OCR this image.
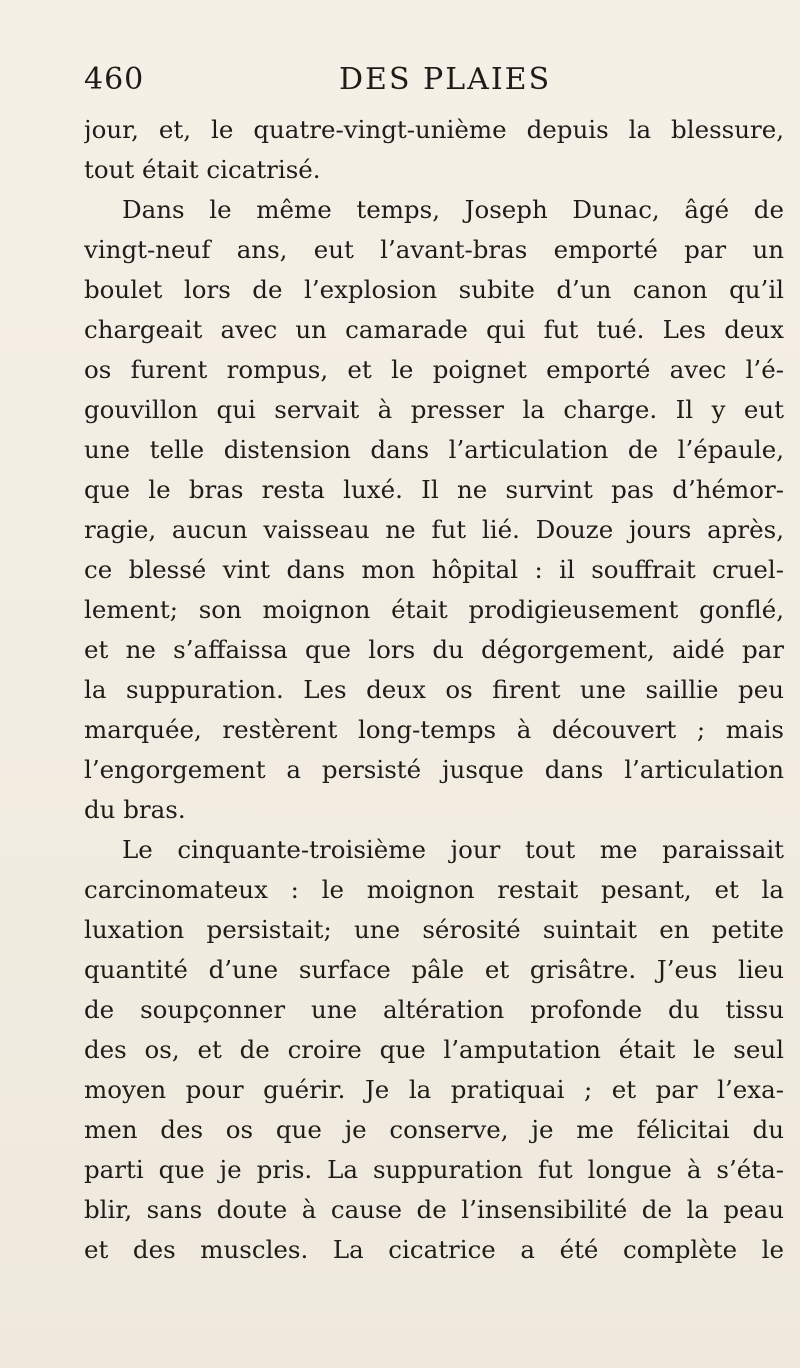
460	DES PLAIES
jour, et, le quatre-vingt-unième depuis la blessure,
tout était cicatrisé.
Dans le même temps, Joseph Dunac, âgé de
vingt-neuf ans, eut l’avant-bras emporté par un
boulet lors de l’explosion subite d’un canon qu’il
chargeait avec un camarade qui fut tué. Les deux
os furent rompus, et le poignet emporté avec l’é-
gouvillon qui servait à presser la charge. Il y eut
une telle distension dans l’articulation de l’épaule,
que le bras resta luxé. Il ne survint pas d’hémor-
ragie, aucun vaisseau ne fut lié. Douze jours après,
ce blessé vint dans mon hôpital : il souffrait cruel-
lement; son moignon était prodigieusement gonflé,
et ne s’affaissa que lors du dégorgement, aidé par
la suppuration. Les deux os firent une saillie peu
marquée, restèrent long-temps à découvert ; mais
l’engorgement a persisté jusque dans l’articulation
du bras.
Le cinquante-troisième jour tout me paraissait
carcinomateux : le moignon restait pesant, et la
luxation persistait; une sérosité suintait en petite
quantité d’une surface pâle et grisâtre. J’eus lieu
de soupçonner une altération profonde du tissu
des os, et de croire que l’amputation était le seul
moyen pour guérir. Je la pratiquai ; et par l’exa-
men des os que je conserve, je me félicitai du
parti que je pris. La suppuration fut longue à s’éta-
blir, sans doute à cause de l’insensibilité de la peau
et des muscles. La cicatrice a été complète le
